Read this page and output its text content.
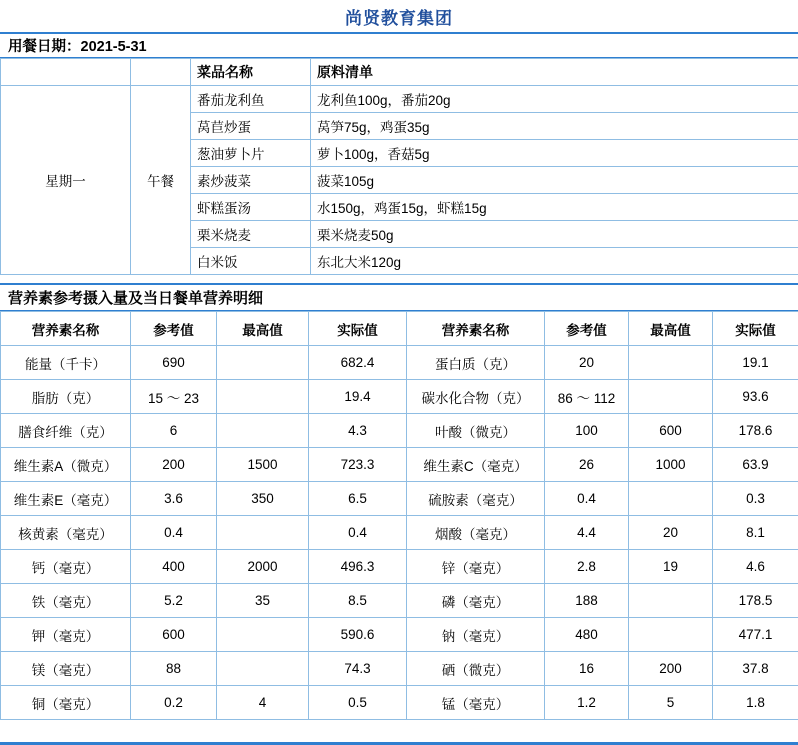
尚贤 教育集团
用餐日期：2021-5-31
		菜品名称	原料清单
星期一	午餐	番茄龙利鱼	龙利鱼100g，番茄20g
		莴苣炒蛋	莴笋75g，鸡蛋35g
		葱油萝卜片	萝卜100g，香菇5g
		素炒菠菜	菠菜105g
		虾糕蛋汤	水150g，鸡蛋15g，虾糕15g
		栗米烧麦	栗米烧麦50g
		白米饭	东北大米120g
营养素参考摄入量及当日餐单营养明细
营养素名称	参考值	最高值	实际值	营养素名称	参考值	最高值	实际值
能量（千卡）	690		682.4	蛋白质（克）	20		19.1
脂肪（克）	15 ～ 23		19.4	碳水化合物（克）	86 ～ 112		93.6
膳食纤维（克）	6		4.3	叶酸（微克）	100	600	178.6
维生素A（微克）	200	1500	723.3	维生素C（毫克）	26	1000	63.9
维生素E（毫克）	3.6	350	6.5	硫胺素（毫克）	0.4		0.3
核黄素（毫克）	0.4		0.4	烟酸（毫克）	4.4	20	8.1
钙（毫克）	400	2000	496.3	锌（毫克）	2.8	19	4.6
铁（毫克）	5.2	35	8.5	磷（毫克）	188		178.5
钾（毫克）	600		590.6	钠（毫克）	480		477.1
镁（毫克）	88		74.3	硒（微克）	16	200	37.8
铜（毫克）	0.2	4	0.5	锰（毫克）	1.2	5	1.8
